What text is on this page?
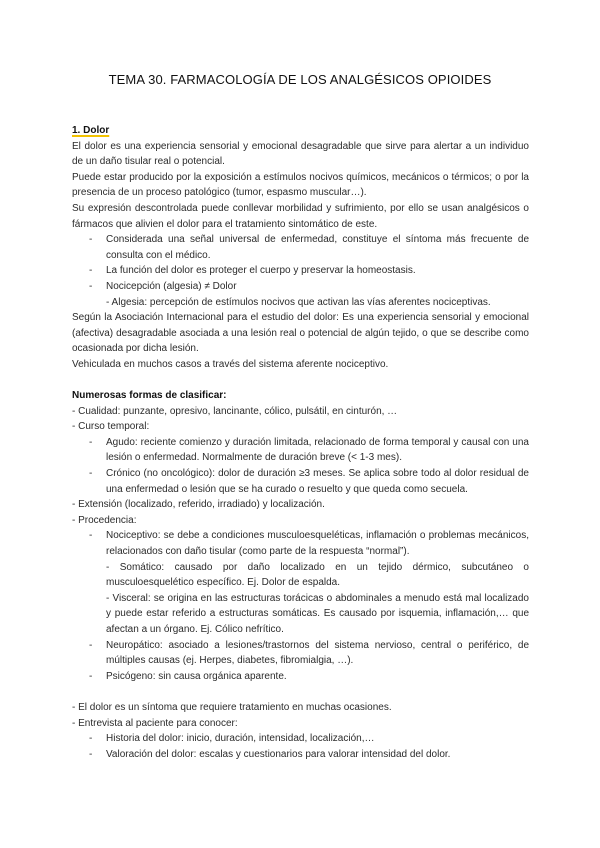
TEMA 30. FARMACOLOGÍA DE LOS ANALGÉSICOS OPIOIDES

1. Dolor

El dolor es una experiencia sensorial y emocional desagradable que sirve para alertar a un individuo de un daño tisular real o potencial.

Puede estar producido por la exposición a estímulos nocivos químicos, mecánicos o térmicos; o por la presencia de un proceso patológico (tumor, espasmo muscular…).

Su expresión descontrolada puede conllevar morbilidad y sufrimiento, por ello se usan analgésicos o fármacos que alivien el dolor para el tratamiento sintomático de este.

- Considerada una señal universal de enfermedad, constituye el síntoma más frecuente de consulta con el médico.

- La función del dolor es proteger el cuerpo y preservar la homeostasis.

- Nocicepción (algesia) ≠ Dolor

- Algesia: percepción de estímulos nocivos que activan las vías aferentes nociceptivas.

Según la Asociación Internacional para el estudio del dolor: Es una experiencia sensorial y emocional (afectiva) desagradable asociada a una lesión real o potencial de algún tejido, o que se describe como ocasionada por dicha lesión.

Vehiculada en muchos casos a través del sistema aferente nociceptivo.

Numerosas formas de clasificar:

- Cualidad: punzante, opresivo, lancinante, cólico, pulsátil, en cinturón, …

- Curso temporal:

- Agudo: reciente comienzo y duración limitada, relacionado de forma temporal y causal con una lesión o enfermedad. Normalmente de duración breve (< 1-3 mes).

- Crónico (no oncológico): dolor de duración ≥3 meses. Se aplica sobre todo al dolor residual de una enfermedad o lesión que se ha curado o resuelto y que queda como secuela.

- Extensión (localizado, referido, irradiado) y localización.

- Procedencia:

- Nociceptivo: se debe a condiciones musculoesqueléticas, inflamación o problemas mecánicos, relacionados con daño tisular (como parte de la respuesta “normal”).

- Somático: causado por daño localizado en un tejido dérmico, subcutáneo o musculoesquelético específico. Ej. Dolor de espalda.

- Visceral: se origina en las estructuras torácicas o abdominales a menudo está mal localizado y puede estar referido a estructuras somáticas. Es causado por isquemia, inflamación,… que afectan a un órgano. Ej. Cólico nefrítico.

- Neuropático: asociado a lesiones/trastornos del sistema nervioso, central o periférico, de múltiples causas (ej. Herpes, diabetes, fibromialgia, …).

- Psicógeno: sin causa orgánica aparente.

- El dolor es un síntoma que requiere tratamiento en muchas ocasiones.

- Entrevista al paciente para conocer:

- Historia del dolor: inicio, duración, intensidad, localización,…

- Valoración del dolor: escalas y cuestionarios para valorar intensidad del dolor.
